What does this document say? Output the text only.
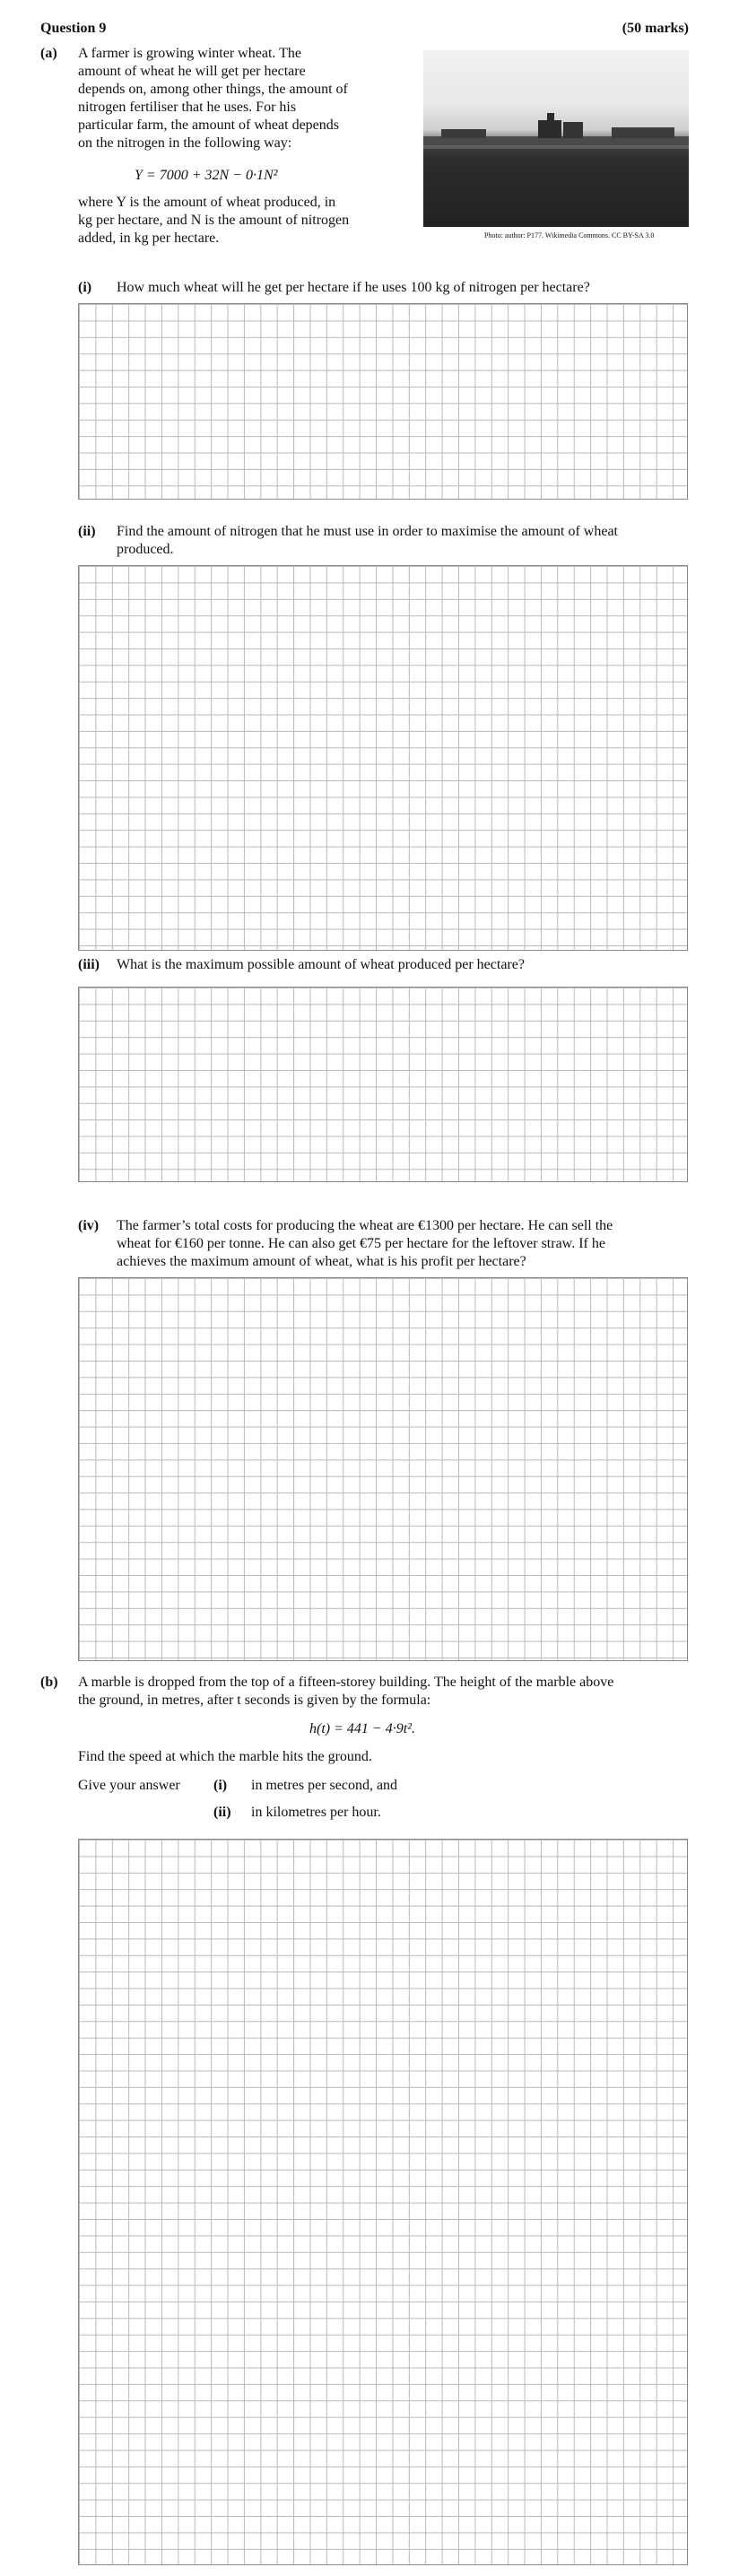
Question 9	(50 marks)
(a) A farmer is growing winter wheat. The
amount of wheat he will get per hectare
depends on, among other things, the amount of
nitrogen fertiliser that he uses. For his
particular farm, the amount of wheat depends
on the nitrogen in the following way:
Y = 7000 + 32N − 0·1N²
where Y is the amount of wheat produced, in
kg per hectare, and N is the amount of nitrogen
added, in kg per hectare.	Photo: author: P177. Wikimedia Commons. CC BY-SA 3.0
(i) How much wheat will he get per hectare if he uses 100 kg of nitrogen per hectare?
(ii) Find the amount of nitrogen that he must use in order to maximise the amount of wheat
produced.
(iii) What is the maximum possible amount of wheat produced per hectare?
(iv) The farmer’s total costs for producing the wheat are €1300 per hectare. He can sell the
wheat for €160 per tonne. He can also get €75 per hectare for the leftover straw. If he
achieves the maximum amount of wheat, what is his profit per hectare?
(b) A marble is dropped from the top of a fifteen-storey building. The height of the marble above
the ground, in metres, after t seconds is given by the formula:
h(t) = 441 − 4·9t².
Find the speed at which the marble hits the ground.
Give your answer (i) in metres per second, and
(ii) in kilometres per hour.
